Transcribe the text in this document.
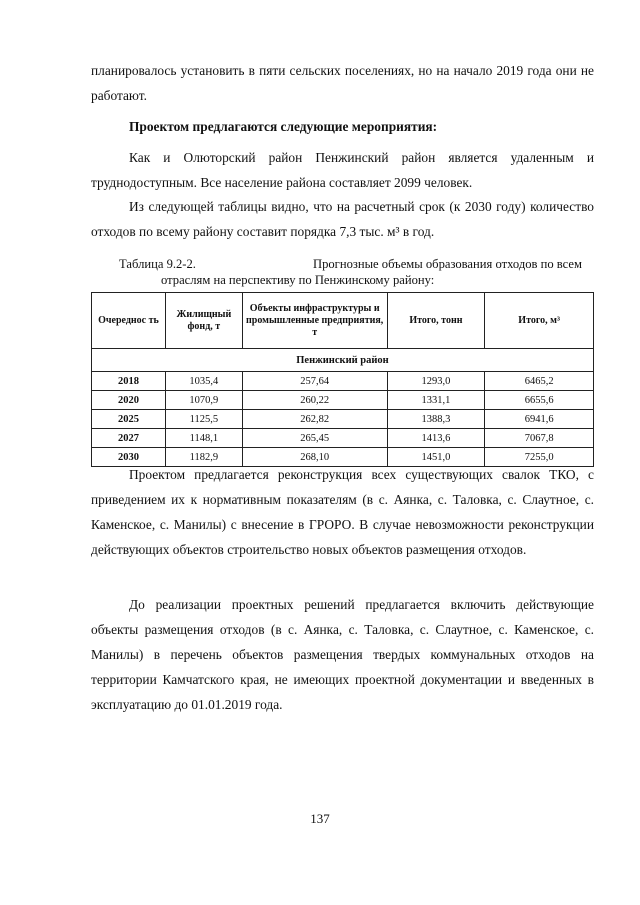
планировалось установить в пяти сельских поселениях, но на начало 2019 года они не работают.

Проектом предлагаются следующие мероприятия:

Как и Олюторский район Пенжинский район является удаленным и труднодоступным. Все население района составляет 2099 человек.

Из следующей таблицы видно, что на расчетный срок (к 2030 году) количество отходов по всему району составит порядка 7,3 тыс. м³ в год.

Таблица 9.2-2.	Прогнозные объемы образования отходов по всем
отраслям на перспективу по Пенжинскому району:
Очереднос ть	Жилищный фонд, т	Объекты инфраструктуры и промышленные предприятия, т	Итого, тонн	Итого, м³
Пенжинский район				
2018	1035,4	257,64	1293,0	6465,2
2020	1070,9	260,22	1331,1	6655,6
2025	1125,5	262,82	1388,3	6941,6
2027	1148,1	265,45	1413,6	7067,8
2030	1182,9	268,10	1451,0	7255,0

Проектом предлагается реконструкция всех существующих свалок ТКО, с приведением их к нормативным показателям (в с. Аянка, с. Таловка, с. Слаутное, с. Каменское, с. Манилы) с внесение в ГРОРО. В случае невозможности реконструкции действующих объектов строительство новых объектов размещения отходов.

До реализации проектных решений предлагается включить действующие объекты размещения отходов (в с. Аянка, с. Таловка, с. Слаутное, с. Каменское, с. Манилы) в перечень объектов размещения твердых коммунальных отходов на территории Камчатского края, не имеющих проектной документации и введенных в эксплуатацию до 01.01.2019 года.

137
